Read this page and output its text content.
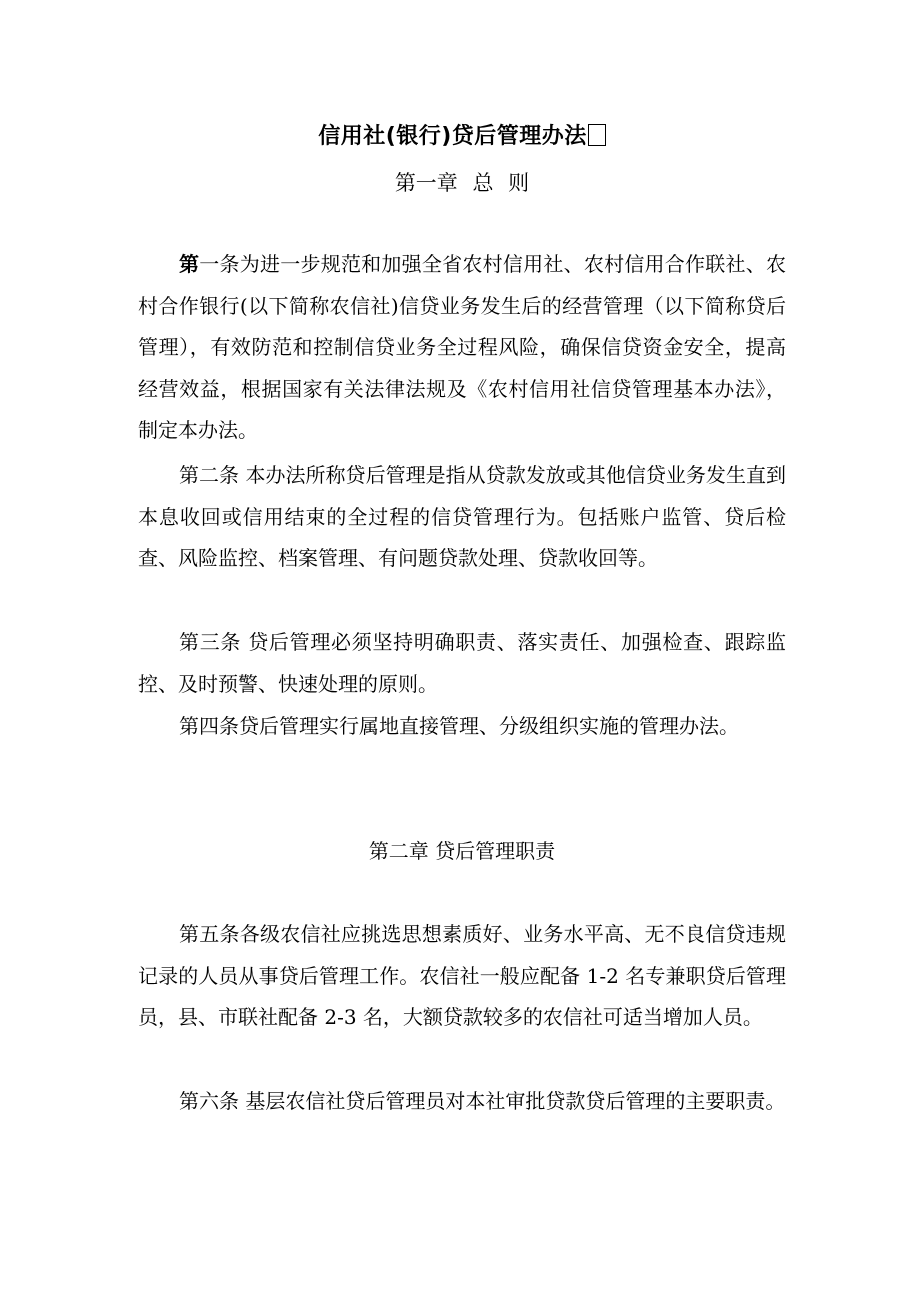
信用社(银行)贷后管理办法
第一章 总 则

第一条为进一步规范和加强全省农村信用社、农村信用合作联社、农村合作银行(以下简称农信社)信贷业务发生后的经营管理（以下简称贷后管理），有效防范和控制信贷业务全过程风险，确保信贷资金安全，提高经营效益，根据国家有关法律法规及《农村信用社信贷管理基本办法》，制定本办法。

第二条 本办法所称贷后管理是指从贷款发放或其他信贷业务发生直到本息收回或信用结束的全过程的信贷管理行为。包括账户监管、贷后检查、风险监控、档案管理、有问题贷款处理、贷款收回等。

第三条 贷后管理必须坚持明确职责、落实责任、加强检查、跟踪监控、及时预警、快速处理的原则。

第四条贷后管理实行属地直接管理、分级组织实施的管理办法。

第二章 贷后管理职责

第五条各级农信社应挑选思想素质好、业务水平高、无不良信贷违规记录的人员从事贷后管理工作。农信社一般应配备 1-2 名专兼职贷后管理员，县、市联社配备 2-3 名，大额贷款较多的农信社可适当增加人员。

第六条 基层农信社贷后管理员对本社审批贷款贷后管理的主要职责。
